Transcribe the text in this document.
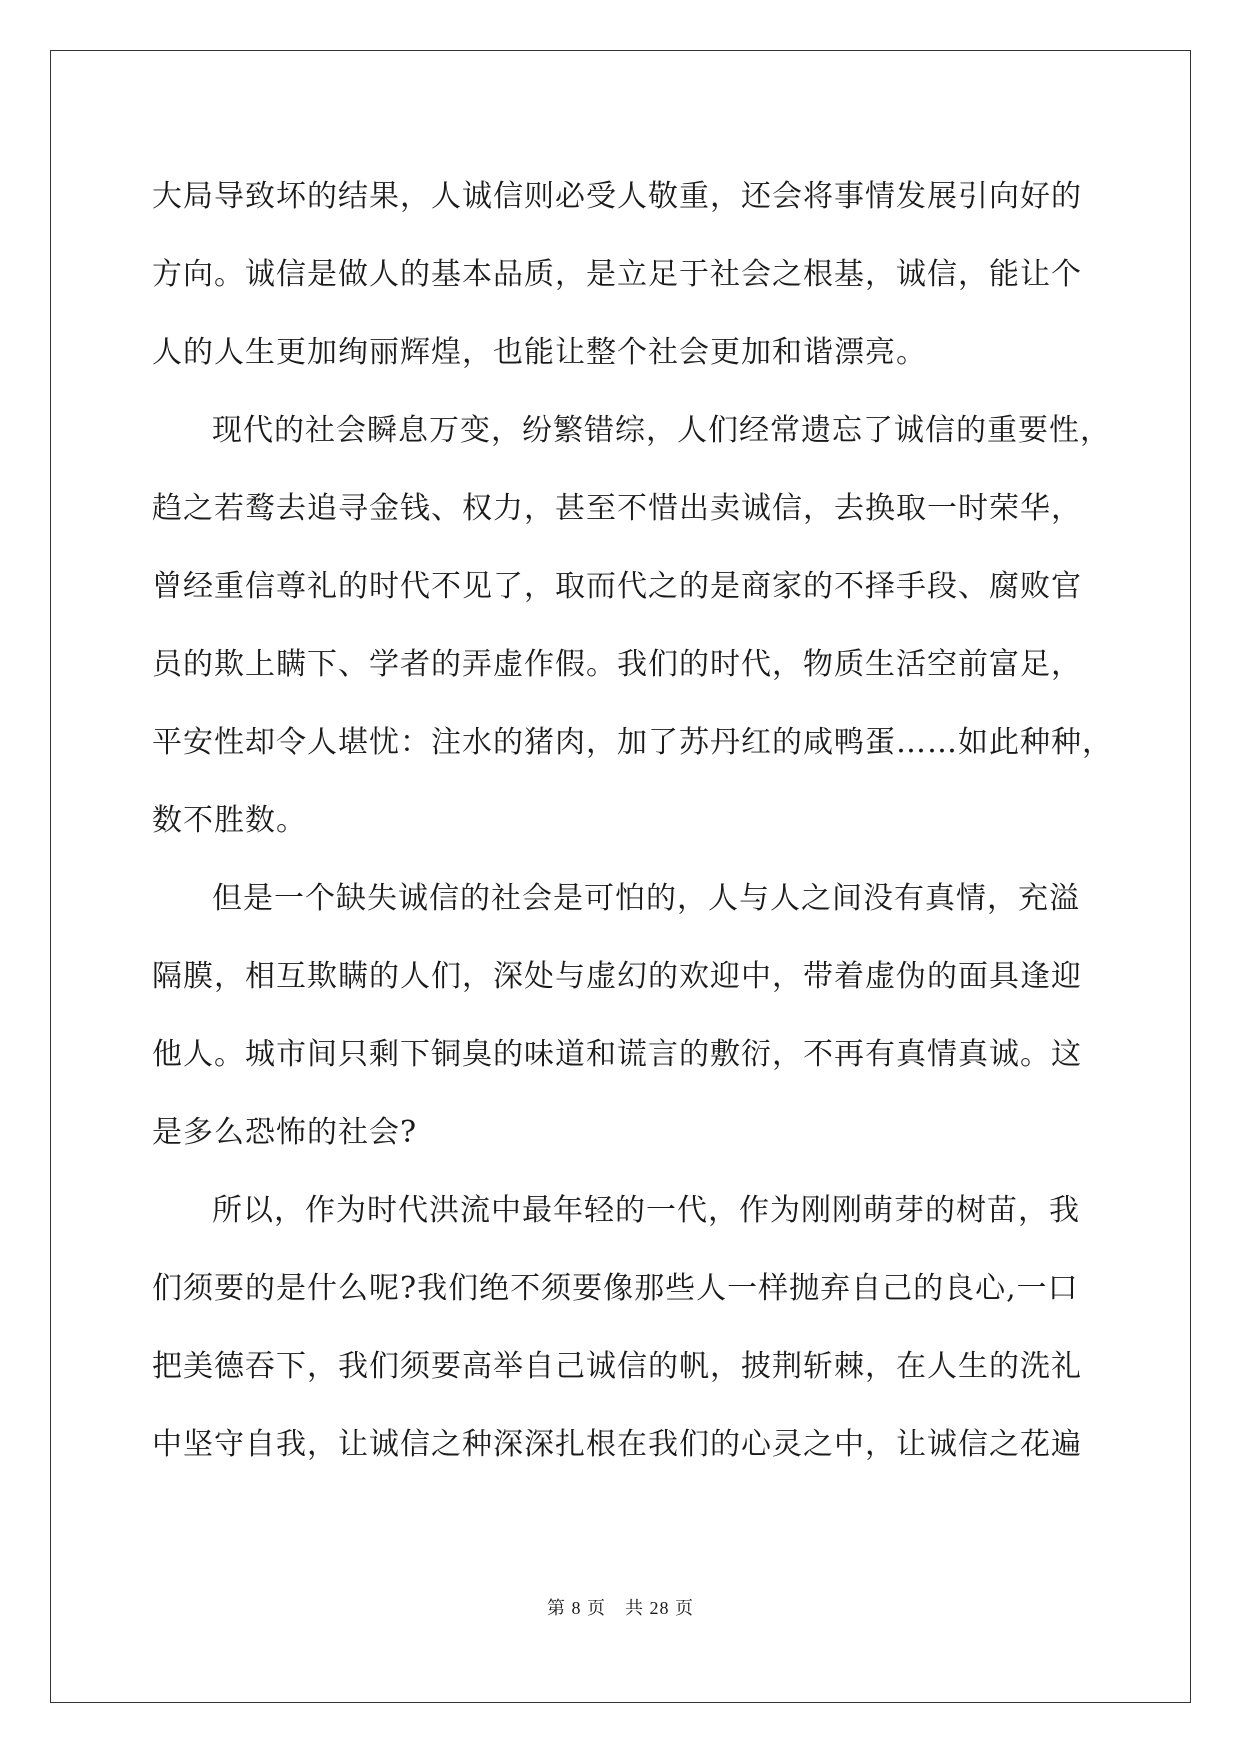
大局导致坏的结果，人诚信则必受人敬重，还会将事情发展引向好的
方向。诚信是做人的基本品质，是立足于社会之根基，诚信，能让个
人的人生更加绚丽辉煌，也能让整个社会更加和谐漂亮。
现代的社会瞬息万变，纷繁错综，人们经常遗忘了诚信的重要性，
趋之若鹜去追寻金钱、权力，甚至不惜出卖诚信，去换取一时荣华，
曾经重信尊礼的时代不见了，取而代之的是商家的不择手段、腐败官
员的欺上瞒下、学者的弄虚作假。我们的时代，物质生活空前富足，
平安性却令人堪忧：注水的猪肉，加了苏丹红的咸鸭蛋……如此种种，
数不胜数。
但是一个缺失诚信的社会是可怕的，人与人之间没有真情，充溢
隔膜，相互欺瞒的人们，深处与虚幻的欢迎中，带着虚伪的面具逢迎
他人。城市间只剩下铜臭的味道和谎言的敷衍，不再有真情真诚。这
是多么恐怖的社会?
所以，作为时代洪流中最年轻的一代，作为刚刚萌芽的树苗，我
们须要的是什么呢?我们绝不须要像那些人一样抛弃自己的良心,一口
把美德吞下，我们须要高举自己诚信的帆，披荆斩棘，在人生的洗礼
中坚守自我，让诚信之种深深扎根在我们的心灵之中，让诚信之花遍
第 8 页　共 28 页
